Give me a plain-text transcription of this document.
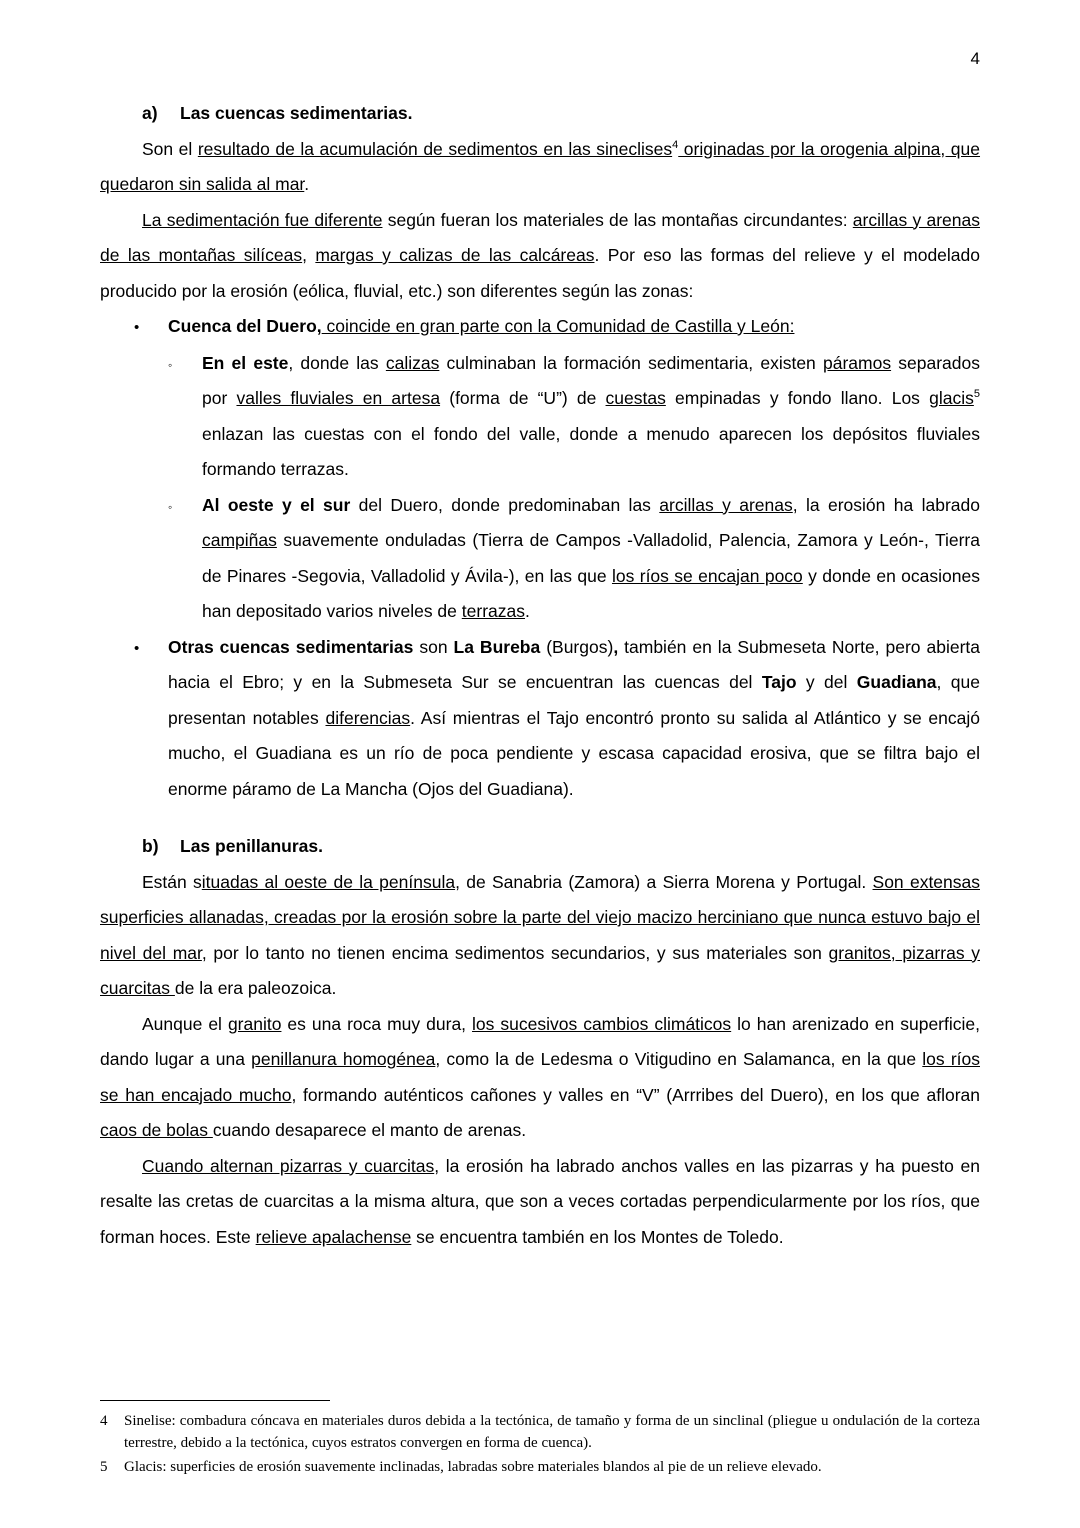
4
a)	Las cuencas sedimentarias.

Son el resultado de la acumulación de sedimentos en las sineclises$^4$ originadas por la orogenia alpina, que quedaron sin salida al mar.

La sedimentación fue diferente según fueran los materiales de las montañas circundantes: arcillas y arenas de las montañas silíceas, margas y calizas de las calcáreas. Por eso las formas del relieve y el modelado producido por la erosión (eólica, fluvial, etc.) son diferentes según las zonas:

•	Cuenca del Duero, coincide en gran parte con la Comunidad de Castilla y León:
◦	En el este, donde las calizas culminaban la formación sedimentaria, existen páramos separados por valles fluviales en artesa (forma de “U”) de cuestas empinadas y fondo llano. Los glacis$^5$ enlazan las cuestas con el fondo del valle, donde a menudo aparecen los depósitos fluviales formando terrazas.
◦	Al oeste y el sur del Duero, donde predominaban las arcillas y arenas, la erosión ha labrado campiñas suavemente onduladas (Tierra de Campos -Valladolid, Palencia, Zamora y León-, Tierra de Pinares -Segovia, Valladolid y Ávila-), en las que los ríos se encajan poco y donde en ocasiones han depositado varios niveles de terrazas.
•	Otras cuencas sedimentarias son La Bureba (Burgos), también en la Submeseta Norte, pero abierta hacia el Ebro; y en la Submeseta Sur se encuentran las cuencas del Tajo y del Guadiana, que presentan notables diferencias. Así mientras el Tajo encontró pronto su salida al Atlántico y se encajó mucho, el Guadiana es un río de poca pendiente y escasa capacidad erosiva, que se filtra bajo el enorme páramo de La Mancha (Ojos del Guadiana).
b)	Las penillanuras.

Están situadas al oeste de la península, de Sanabria (Zamora) a Sierra Morena y Portugal. Son extensas superficies allanadas, creadas por la erosión sobre la parte del viejo macizo herciniano que nunca estuvo bajo el nivel del mar, por lo tanto no tienen encima sedimentos secundarios, y sus materiales son granitos, pizarras y cuarcitas de la era paleozoica.

Aunque el granito es una roca muy dura, los sucesivos cambios climáticos lo han arenizado en superficie, dando lugar a una penillanura homogénea, como la de Ledesma o Vitigudino en Salamanca, en la que los ríos se han encajado mucho, formando auténticos cañones y valles en “V” (Arrribes del Duero), en los que afloran caos de bolas cuando desaparece el manto de arenas.

Cuando alternan pizarras y cuarcitas, la erosión ha labrado anchos valles en las pizarras y ha puesto en resalte las cretas de cuarcitas a la misma altura, que son a veces cortadas perpendicularmente por los ríos, que forman hoces. Este relieve apalachense se encuentra también en los Montes de Toledo.

4	Sinelise: combadura cóncava en materiales duros debida a la tectónica, de tamaño y forma de un sinclinal (pliegue u ondulación de la corteza terrestre, debido a la tectónica, cuyos estratos convergen en forma de cuenca).
5	Glacis: superficies de erosión suavemente inclinadas, labradas sobre materiales blandos al pie de un relieve elevado.
